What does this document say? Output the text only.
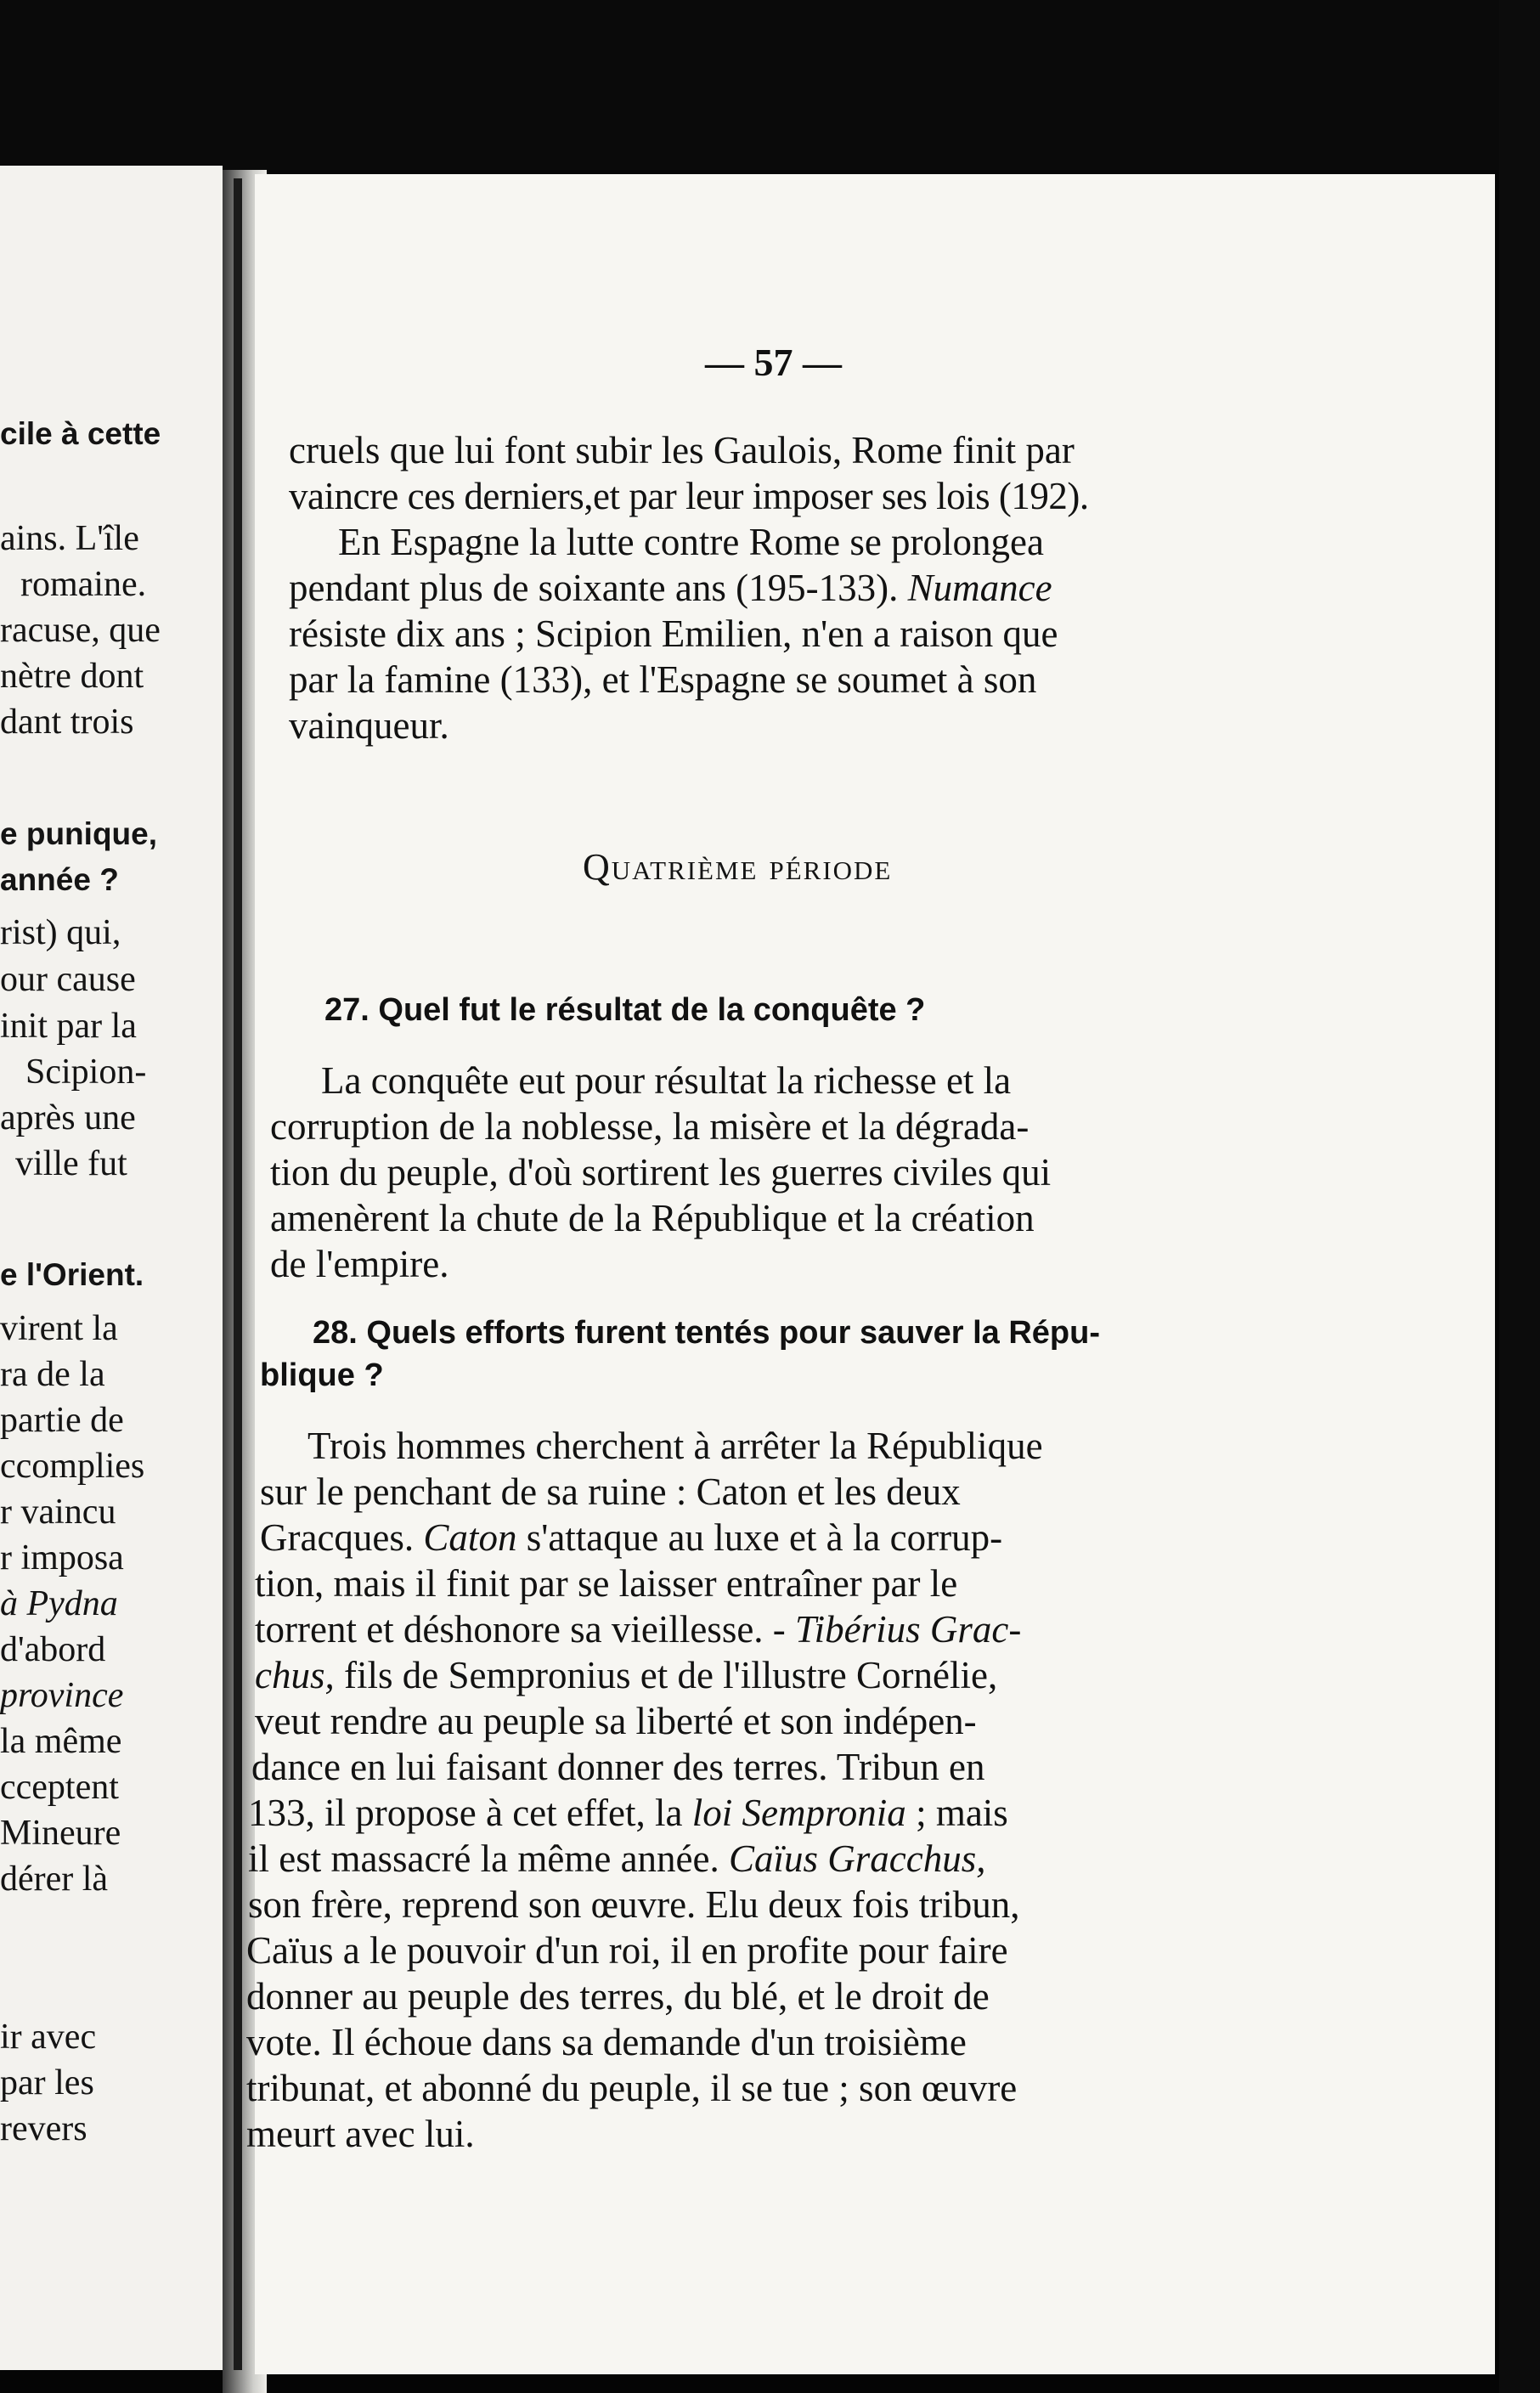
cile à cette
ains. L'île
romaine.
racuse, que
nètre dont
dant trois
e punique,
année ?
rist) qui,
our cause
init par la
Scipion-
après une
ville fut
e l'Orient.
virent la
ra de la
partie de
ccomplies
r vaincu
r imposa
à Pydna
d'abord
province
la même
cceptent
Mineure
dérer là
ir avec
par les
revers
— 57 —
cruels que lui font subir les Gaulois, Rome finit par
vaincre ces derniers,et par leur imposer ses lois (192).
En Espagne la lutte contre Rome se prolongea
pendant plus de soixante ans (195-133). Numance
résiste dix ans ; Scipion Emilien, n'en a raison que
par la famine (133), et l'Espagne se soumet à son
vainqueur.
Quatrième période
27. Quel fut le résultat de la conquête ?
La conquête eut pour résultat la richesse et la
corruption de la noblesse, la misère et la dégrada-
tion du peuple, d'où sortirent les guerres civiles qui
amenèrent la chute de la République et la création
de l'empire.
28. Quels efforts furent tentés pour sauver la Répu-
blique ?
Trois hommes cherchent à arrêter la République
sur le penchant de sa ruine : Caton et les deux
Gracques. Caton s'attaque au luxe et à la corrup-
tion, mais il finit par se laisser entraîner par le
torrent et déshonore sa vieillesse. - Tibérius Grac-
chus, fils de Sempronius et de l'illustre Cornélie,
veut rendre au peuple sa liberté et son indépen-
dance en lui faisant donner des terres. Tribun en
133, il propose à cet effet, la loi Sempronia ; mais
il est massacré la même année. Caïus Gracchus,
son frère, reprend son œuvre. Elu deux fois tribun,
Caïus a le pouvoir d'un roi, il en profite pour faire
donner au peuple des terres, du blé, et le droit de
vote. Il échoue dans sa demande d'un troisième
tribunat, et abonné du peuple, il se tue ; son œuvre
meurt avec lui.
